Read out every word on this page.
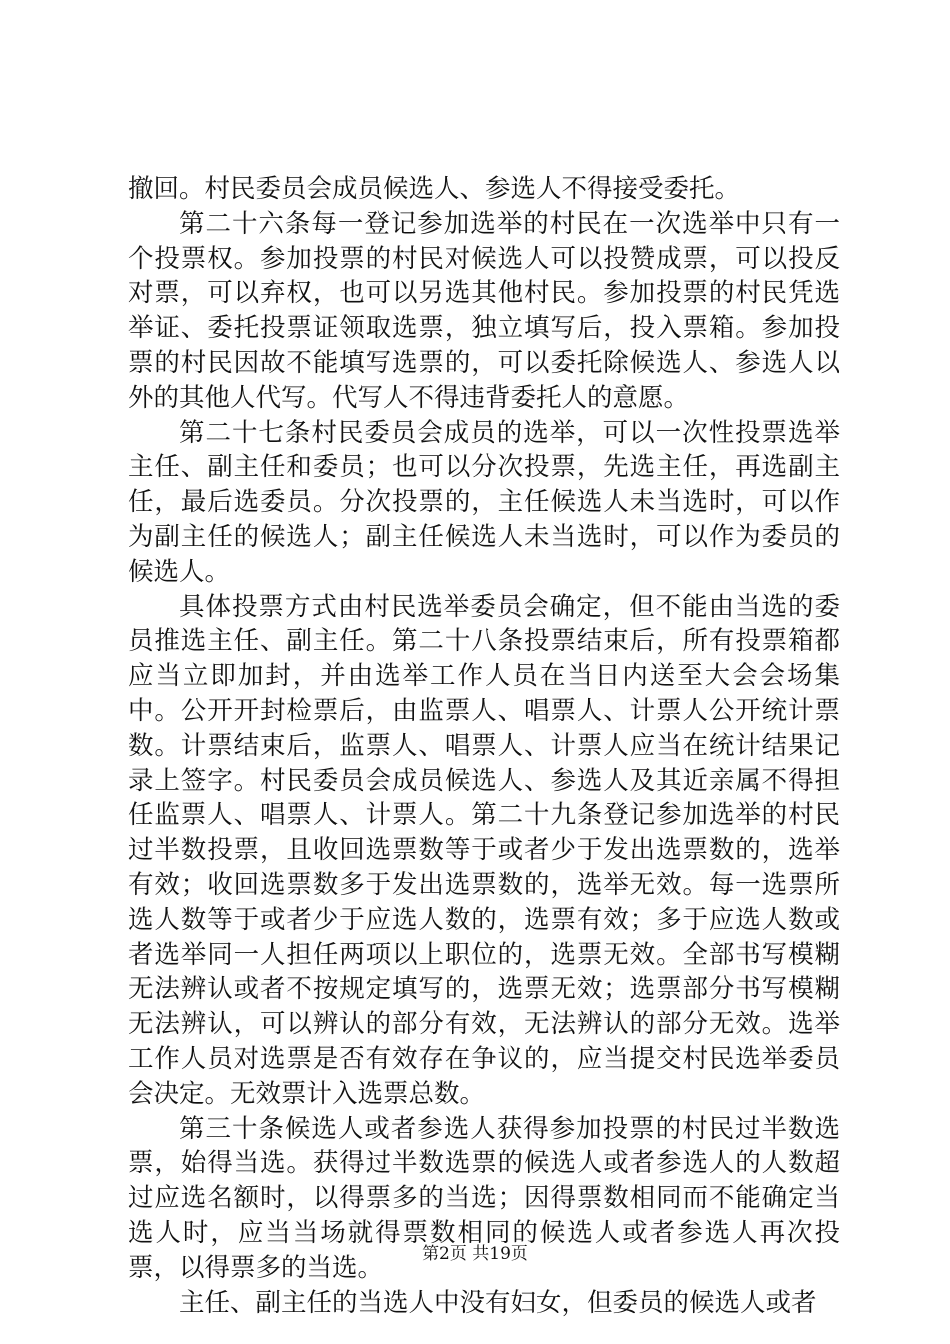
撤回。村民委员会成员候选人、参选人不得接受委托。

第二十六条每一登记参加选举的村民在一次选举中只有一个投票权。参加投票的村民对候选人可以投赞成票，可以投反对票，可以弃权，也可以另选其他村民。参加投票的村民凭选举证、委托投票证领取选票，独立填写后，投入票箱。参加投票的村民因故不能填写选票的，可以委托除候选人、参选人以外的其他人代写。代写人不得违背委托人的意愿。

第二十七条村民委员会成员的选举，可以一次性投票选举主任、副主任和委员；也可以分次投票，先选主任，再选副主任，最后选委员。分次投票的，主任候选人未当选时，可以作为副主任的候选人；副主任候选人未当选时，可以作为委员的候选人。

具体投票方式由村民选举委员会确定，但不能由当选的委员推选主任、副主任。第二十八条投票结束后，所有投票箱都应当立即加封，并由选举工作人员在当日内送至大会会场集中。公开开封检票后，由监票人、唱票人、计票人公开统计票数。计票结束后，监票人、唱票人、计票人应当在统计结果记录上签字。村民委员会成员候选人、参选人及其近亲属不得担任监票人、唱票人、计票人。第二十九条登记参加选举的村民过半数投票，且收回选票数等于或者少于发出选票数的，选举有效；收回选票数多于发出选票数的，选举无效。每一选票所选人数等于或者少于应选人数的，选票有效；多于应选人数或者选举同一人担任两项以上职位的，选票无效。全部书写模糊无法辨认或者不按规定填写的，选票无效；选票部分书写模糊无法辨认，可以辨认的部分有效，无法辨认的部分无效。选举工作人员对选票是否有效存在争议的，应当提交村民选举委员会决定。无效票计入选票总数。

第三十条候选人或者参选人获得参加投票的村民过半数选票，始得当选。获得过半数选票的候选人或者参选人的人数超过应选名额时，以得票多的当选；因得票数相同而不能确定当选人时，应当当场就得票数相同的候选人或者参选人再次投票，以得票多的当选。

主任、副主任的当选人中没有妇女，但委员的候选人或者

第2页 共19页
